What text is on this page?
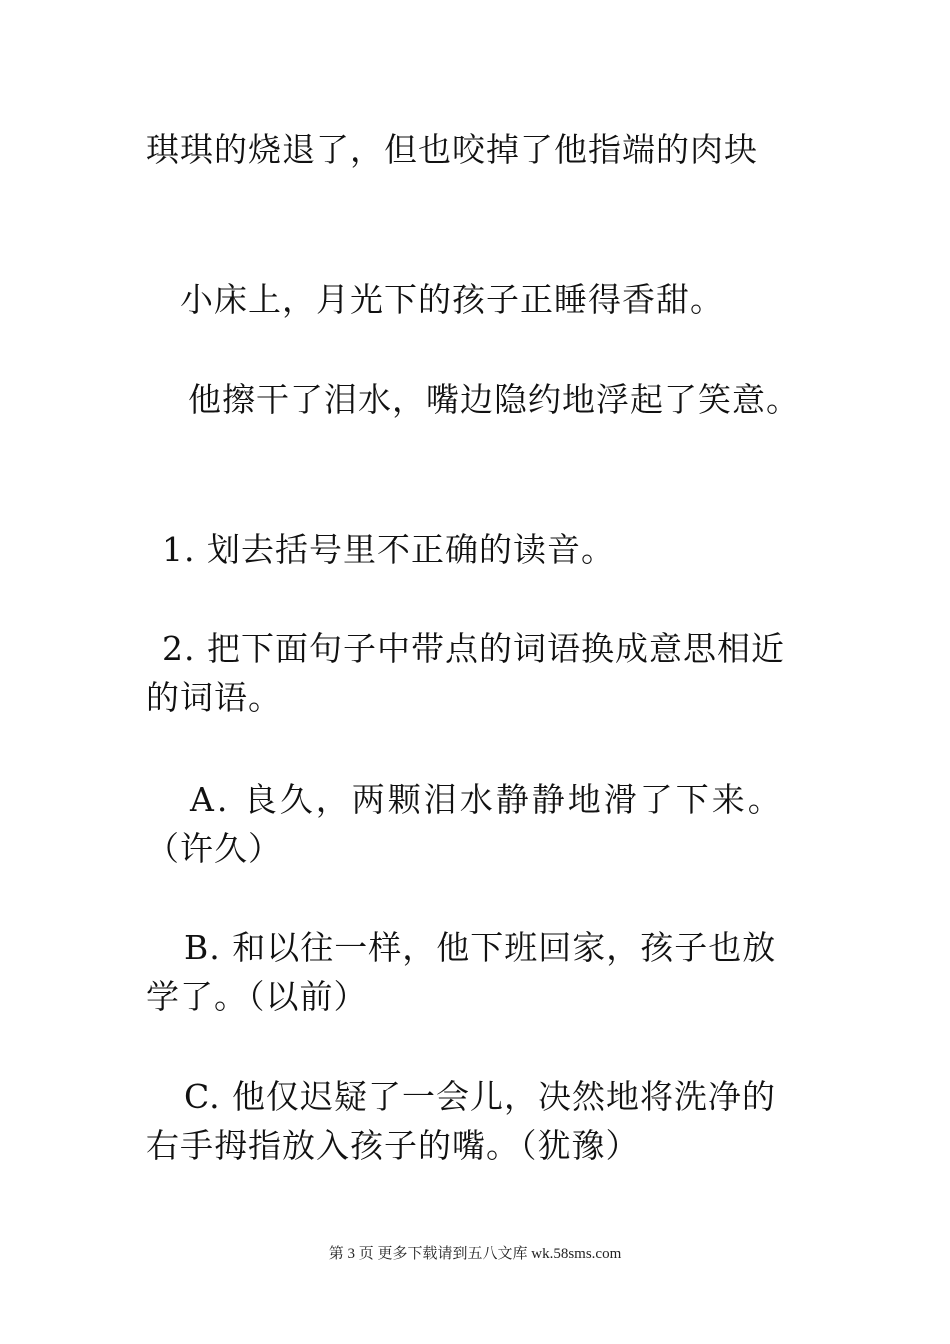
琪琪的烧退了，但也咬掉了他指端的肉块
小床上，月光下的孩子正睡得香甜。
他擦干了泪水，嘴边隐约地浮起了笑意。
1. 划去括号里不正确的读音。
2. 把下面句子中带点的词语换成意思相近
的词语。
A. 良久，两颗泪水静静地滑了下来。
（许久）
B. 和以往一样，他下班回家，孩子也放
学了。（以前）
C. 他仅迟疑了一会儿，决然地将洗净的
右手拇指放入孩子的嘴。（犹豫）
第 3 页 更多下载请到五八文库 wk.58sms.com
